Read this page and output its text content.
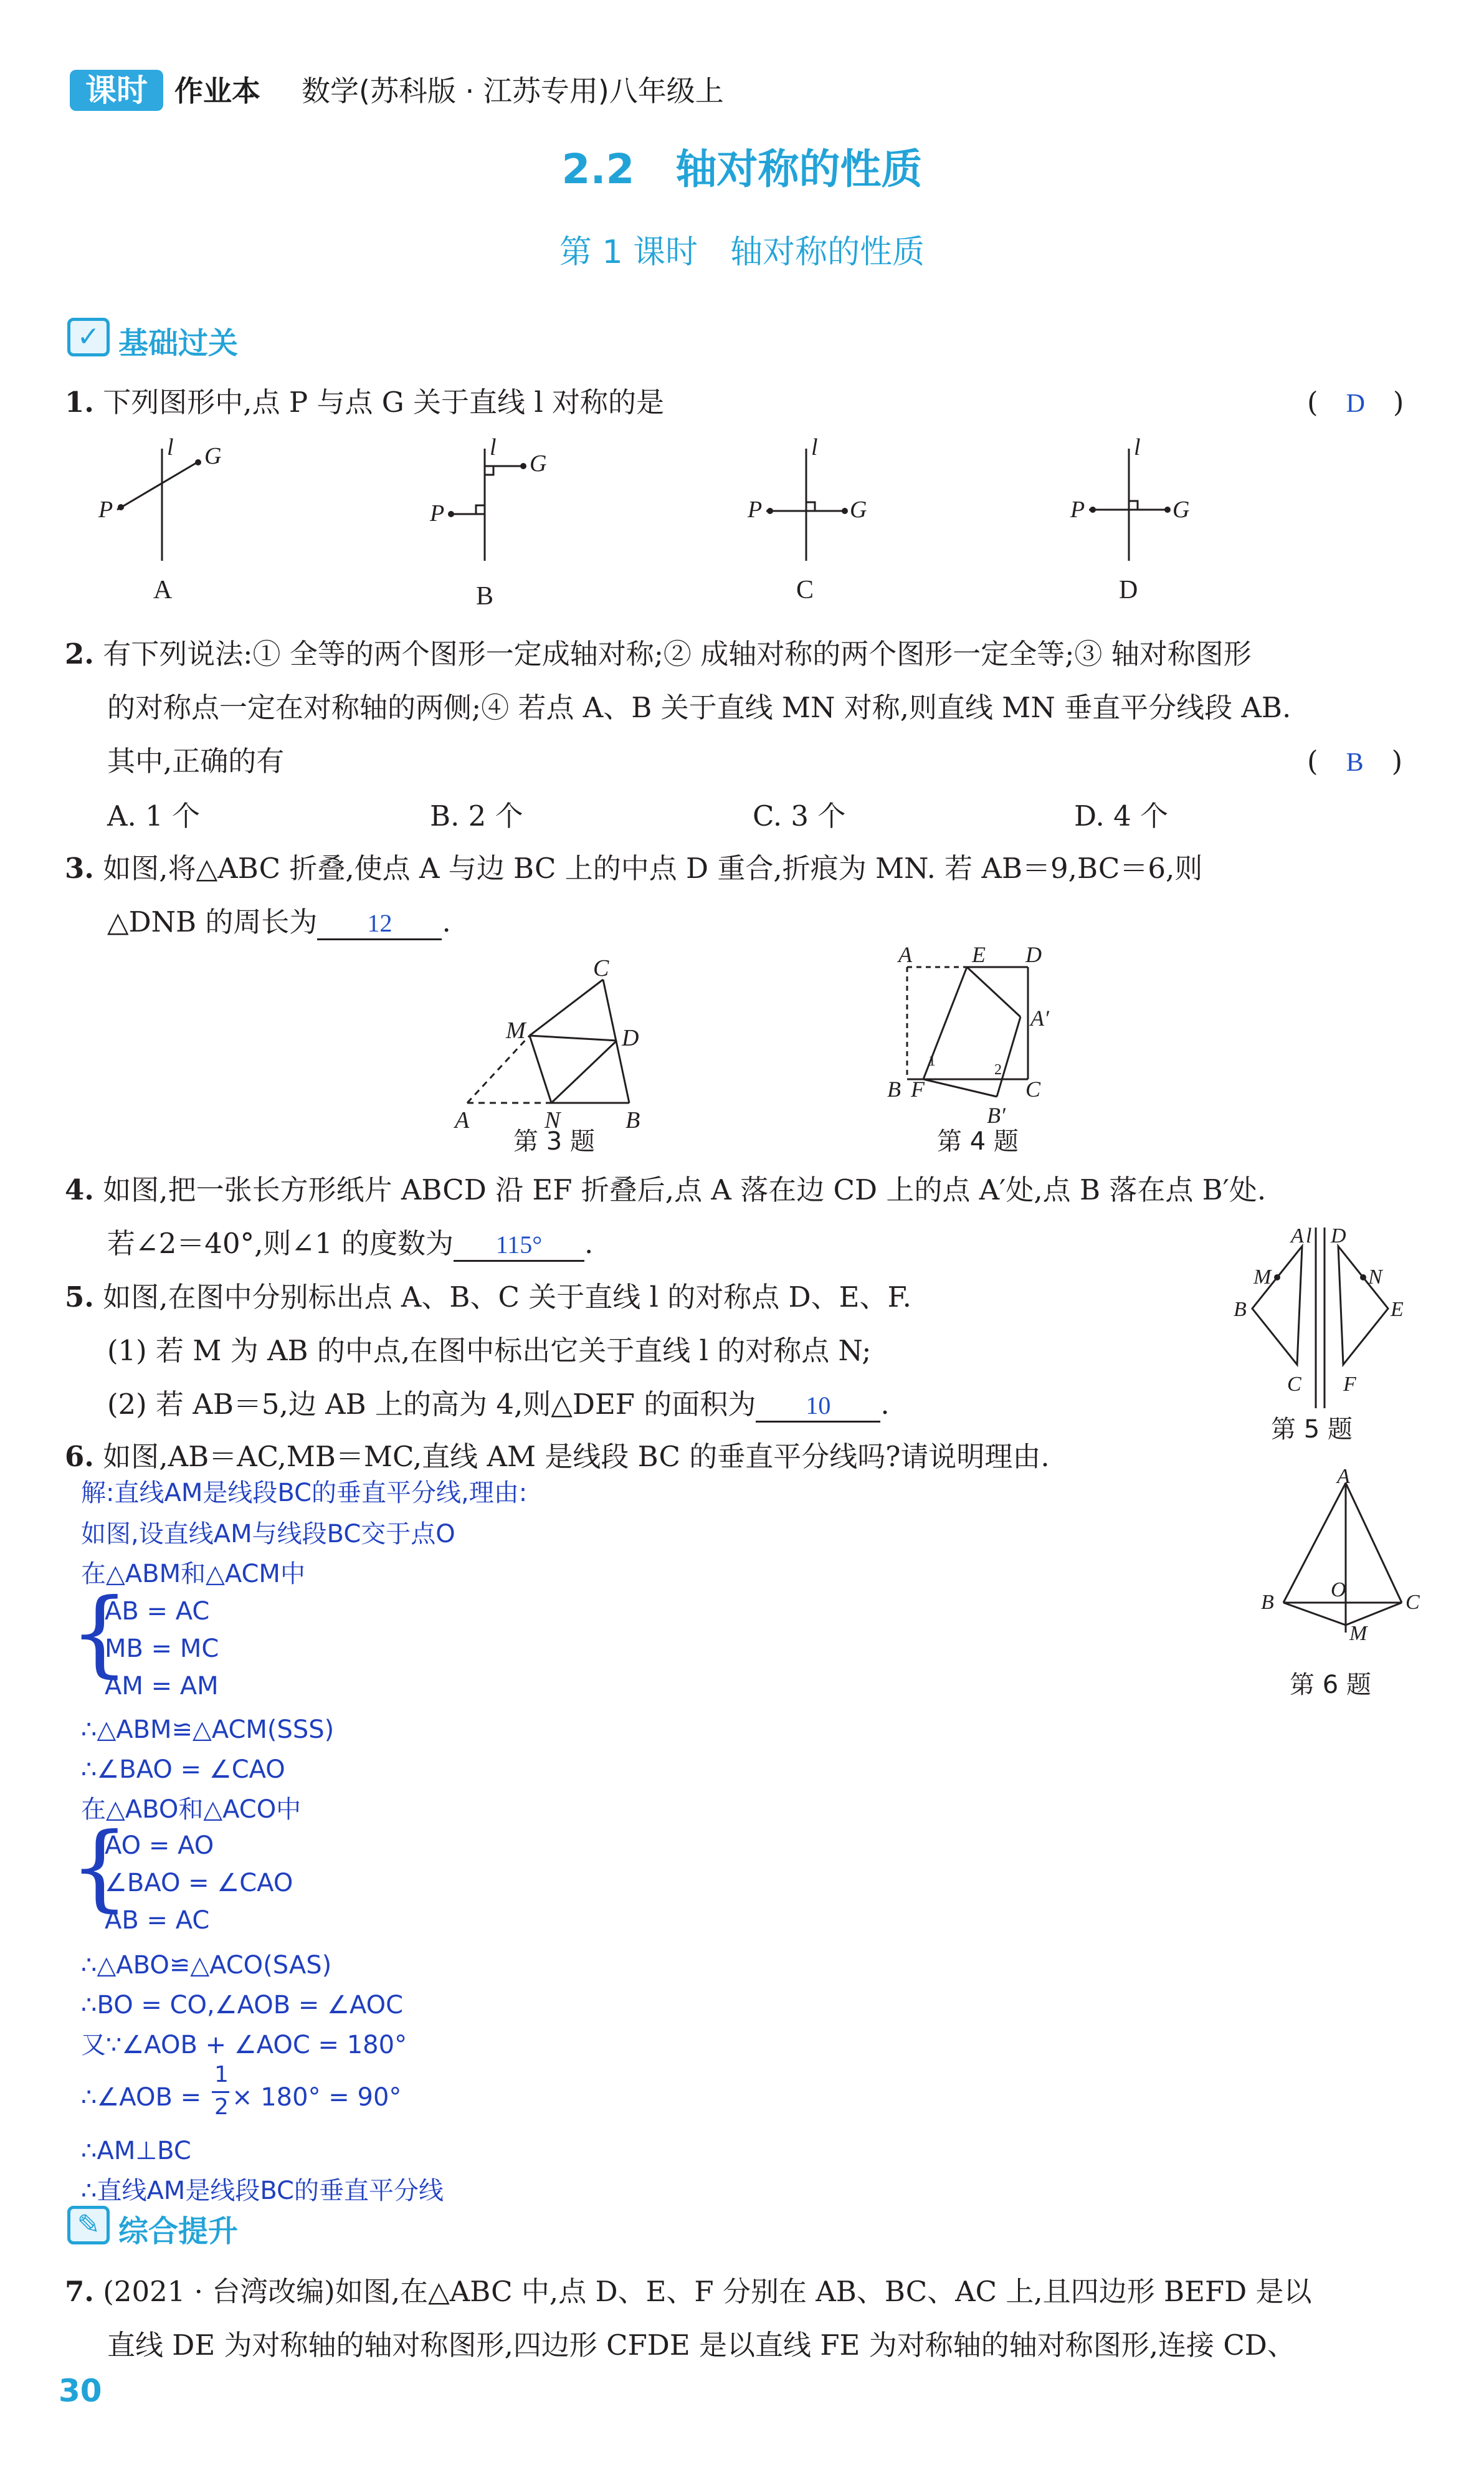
课时 作业本 数学(苏科版 · 江苏专用)八年级上
2.2　轴对称的性质
第 1 课时　轴对称的性质
✓ 基础过关
1. 下列图形中,点 P 与点 G 关于直线 l 对称的是	(　D　)
l
P
G	l
P
G
l
P	G
l
P	G
A	B	C	D
2. 有下列说法:① 全等的两个图形一定成轴对称;② 成轴对称的两个图形一定全等;③ 轴对称图形
的对称点一定在对称轴的两侧;④ 若点 A、B 关于直线 MN 对称,则直线 MN 垂直平分线段 AB.
其中,正确的有	(　B　)
A. 1 个	B. 2 个	C. 3 个	D. 4 个
3. 如图,将△ABC 折叠,使点 A 与边 BC 上的中点 D 重合,折痕为 MN. 若 AB＝9,BC＝6,则
△DNB 的周长为 12 .
C
M	D
A	N	B
第 3 题
A	E D
A′
B F	C
B′
1
2
第 4 题
4. 如图,把一张长方形纸片 ABCD 沿 EF 折叠后,点 A 落在边 CD 上的点 A′处,点 B 落在点 B′处.
若∠2＝40°,则∠1 的度数为 115° .
5. 如图,在图中分别标出点 A、B、C 关于直线 l 的对称点 D、E、F.
(1) 若 M 为 AB 的中点,在图中标出它关于直线 l 的对称点 N;
(2) 若 AB＝5,边 AB 上的高为 4,则△DEF 的面积为 10 .
A l D
M	N
B	E
C F
第 5 题
6. 如图,AB＝AC,MB＝MC,直线 AM 是线段 BC 的垂直平分线吗?请说明理由.
A
B	C
O
M
第 6 题
解:直线AM是线段BC的垂直平分线,理由:
如图,设直线AM与线段BC交于点O
在△ABM和△ACM中
{
AB = AC
MB = MC
AM = AM
∴△ABM≌△ACM(SSS)
∴∠BAO = ∠CAO
在△ABO和△ACO中
{
AO = AO
∠BAO = ∠CAO
AB = AC
∴△ABO≌△ACO(SAS)
∴BO = CO,∠AOB = ∠AOC
又∵∠AOB + ∠AOC = 180°
∴∠AOB =
1
2 × 180° = 90°
∴AM⊥BC
∴直线AM是线段BC的垂直平分线
✎ 综合提升
7. (2021 · 台湾改编)如图,在△ABC 中,点 D、E、F 分别在 AB、BC、AC 上,且四边形 BEFD 是以
直线 DE 为对称轴的轴对称图形,四边形 CFDE 是以直线 FE 为对称轴的轴对称图形,连接 CD、
30
